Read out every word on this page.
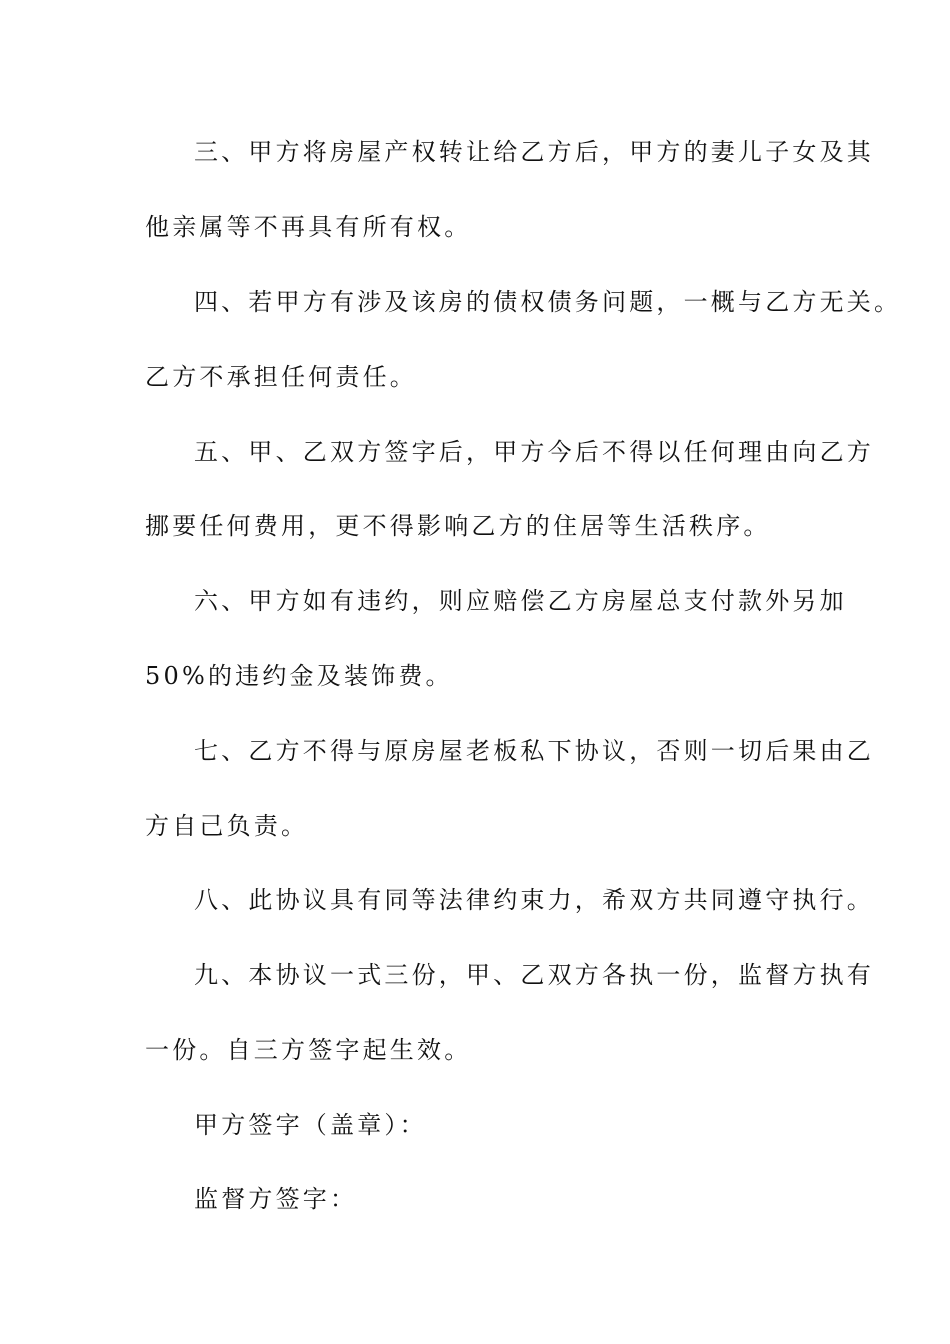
三、甲方将房屋产权转让给乙方后，甲方的妻儿子女及其
他亲属等不再具有所有权。
四、若甲方有涉及该房的债权债务问题，一概与乙方无关。
乙方不承担任何责任。
五、甲、乙双方签字后，甲方今后不得以任何理由向乙方
挪要任何费用，更不得影响乙方的住居等生活秩序。
六、甲方如有违约，则应赔偿乙方房屋总支付款外另加
50%的违约金及装饰费。
七、乙方不得与原房屋老板私下协议，否则一切后果由乙
方自己负责。
八、此协议具有同等法律约束力，希双方共同遵守执行。
九、本协议一式三份，甲、乙双方各执一份，监督方执有
一份。自三方签字起生效。
甲方签字（盖章）：
监督方签字：
